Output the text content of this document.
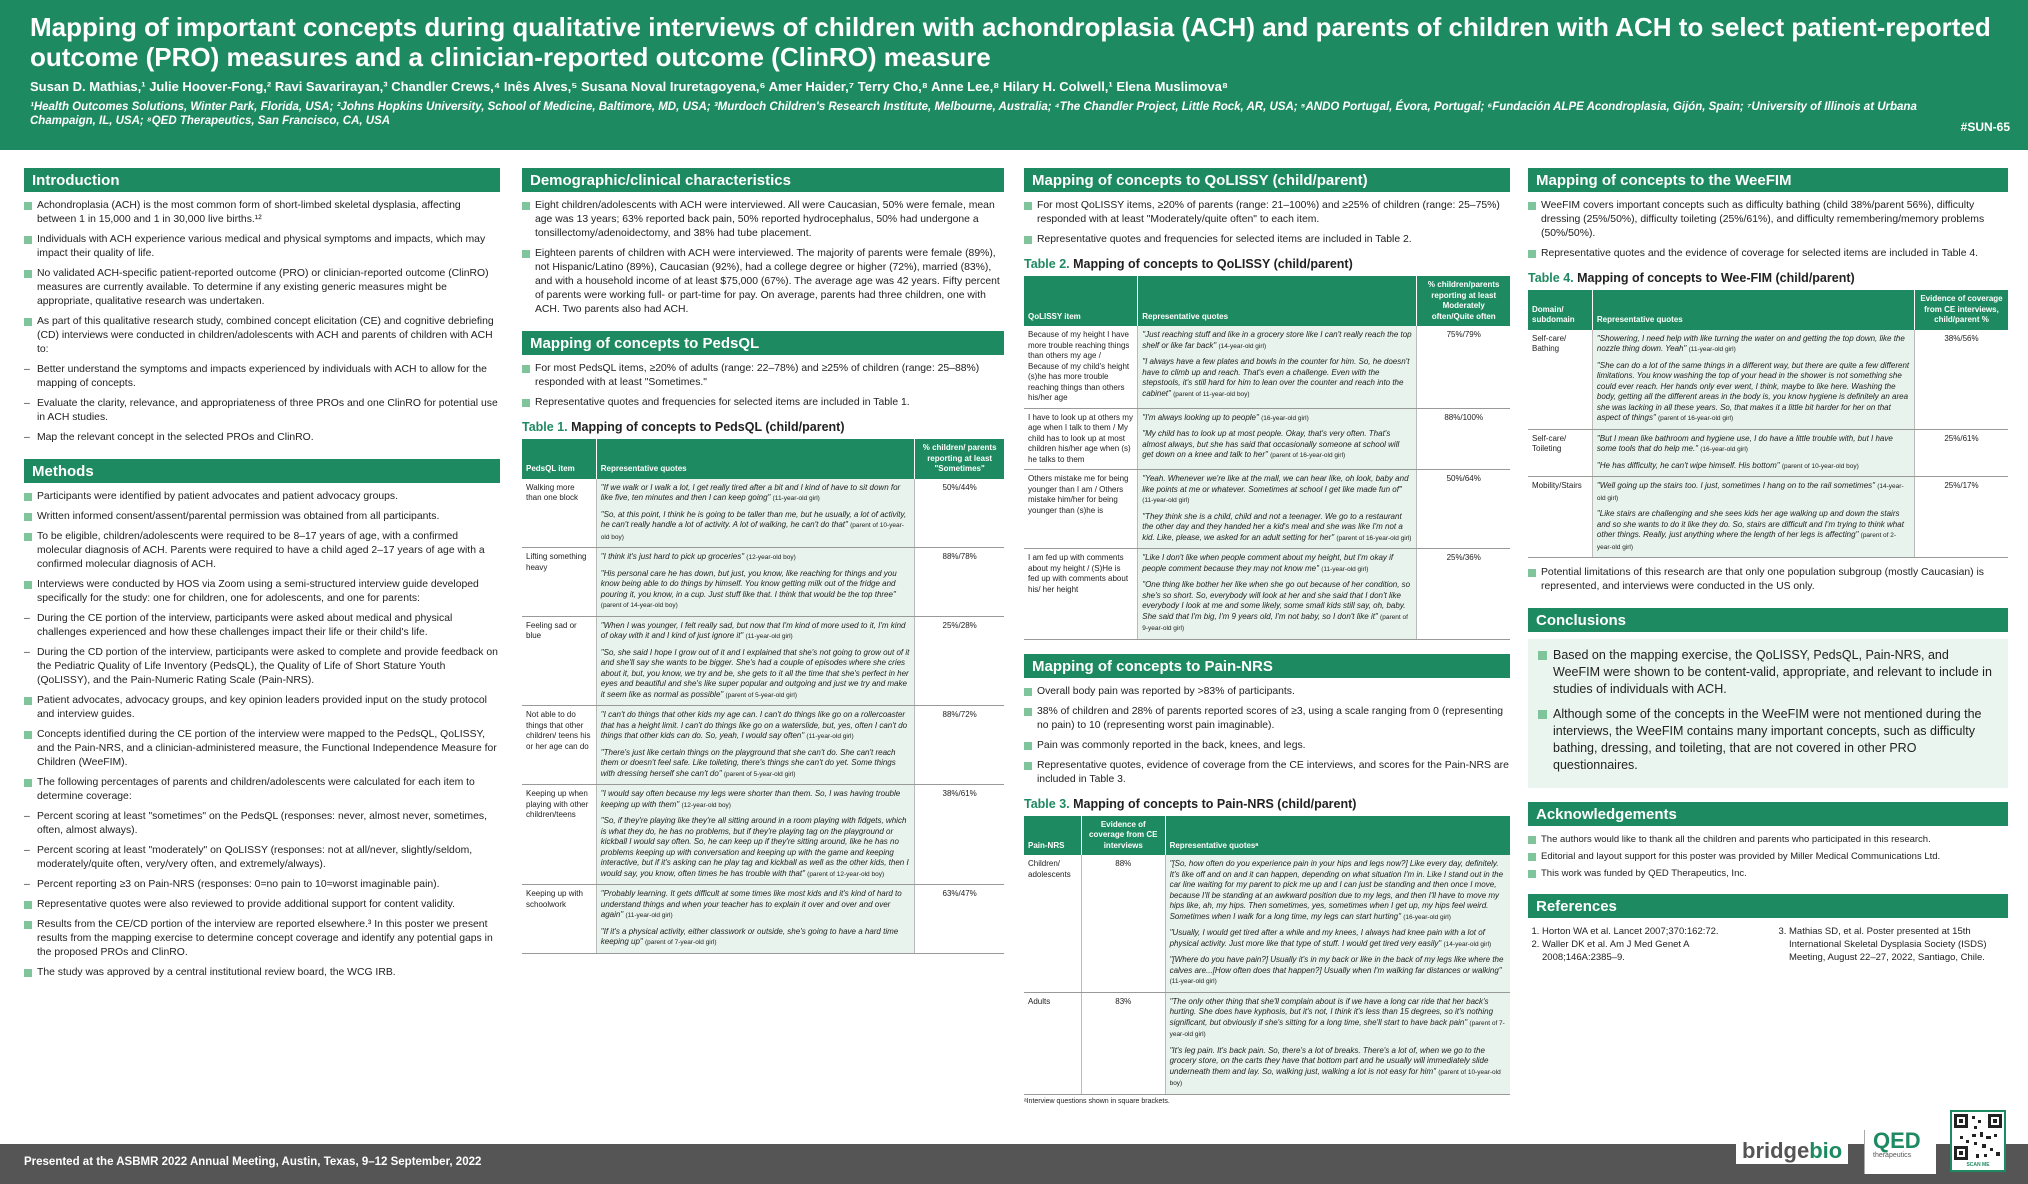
Mapping of important concepts during qualitative interviews of children with achondroplasia (ACH) and parents of children with ACH to select patient-reported outcome (PRO) measures and a clinician-reported outcome (ClinRO) measure
Susan D. Mathias,¹ Julie Hoover-Fong,² Ravi Savarirayan,³ Chandler Crews,⁴ Inês Alves,⁵ Susana Noval Iruretagoyena,⁶ Amer Haider,⁷ Terry Cho,⁸ Anne Lee,⁸ Hilary H. Colwell,¹ Elena Muslimova⁸
¹Health Outcomes Solutions, Winter Park, Florida, USA; ²Johns Hopkins University, School of Medicine, Baltimore, MD, USA; ³Murdoch Children's Research Institute, Melbourne, Australia; ⁴The Chandler Project, Little Rock, AR, USA; ⁵ANDO Portugal, Évora, Portugal; ⁶Fundación ALPE Acondroplasia, Gijón, Spain; ⁷University of Illinois at Urbana Champaign, IL, USA; ⁸QED Therapeutics, San Francisco, CA, USA	#SUN-65
Introduction
Achondroplasia (ACH) is the most common form of short-limbed skeletal dysplasia, affecting between 1 in 15,000 and 1 in 30,000 live births.¹²
Individuals with ACH experience various medical and physical symptoms and impacts, which may impact their quality of life.
No validated ACH-specific patient-reported outcome (PRO) or clinician-reported outcome (ClinRO) measures are currently available. To determine if any existing generic measures might be appropriate, qualitative research was undertaken.
As part of this qualitative research study, combined concept elicitation (CE) and cognitive debriefing (CD) interviews were conducted in children/adolescents with ACH and parents of children with ACH to:
– Better understand the symptoms and impacts experienced by individuals with ACH to allow for the mapping of concepts.
– Evaluate the clarity, relevance, and appropriateness of three PROs and one ClinRO for potential use in ACH studies.
– Map the relevant concept in the selected PROs and ClinRO.
Methods
Participants were identified by patient advocates and patient advocacy groups.
Written informed consent/assent/parental permission was obtained from all participants.
To be eligible, children/adolescents were required to be 8–17 years of age, with a confirmed molecular diagnosis of ACH. Parents were required to have a child aged 2–17 years of age with a confirmed molecular diagnosis of ACH.
Interviews were conducted by HOS via Zoom using a semi-structured interview guide developed specifically for the study: one for children, one for adolescents, and one for parents:
– During the CE portion of the interview, participants were asked about medical and physical challenges experienced and how these challenges impact their life or their child's life.
– During the CD portion of the interview, participants were asked to complete and provide feedback on the Pediatric Quality of Life Inventory (PedsQL), the Quality of Life of Short Stature Youth (QoLISSY), and the Pain-Numeric Rating Scale (Pain-NRS).
Patient advocates, advocacy groups, and key opinion leaders provided input on the study protocol and interview guides.
Concepts identified during the CE portion of the interview were mapped to the PedsQL, QoLISSY, and the Pain-NRS, and a clinician-administered measure, the Functional Independence Measure for Children (WeeFIM).
The following percentages of parents and children/adolescents were calculated for each item to determine coverage:
– Percent scoring at least "sometimes" on the PedsQL (responses: never, almost never, sometimes, often, almost always).
– Percent scoring at least "moderately" on QoLISSY (responses: not at all/never, slightly/seldom, moderately/quite often, very/very often, and extremely/always).
– Percent reporting ≥3 on Pain-NRS (responses: 0=no pain to 10=worst imaginable pain).
Representative quotes were also reviewed to provide additional support for content validity.
Results from the CE/CD portion of the interview are reported elsewhere.³ In this poster we present results from the mapping exercise to determine concept coverage and identify any potential gaps in the proposed PROs and ClinRO.
The study was approved by a central institutional review board, the WCG IRB.
Demographic/clinical characteristics
Eight children/adolescents with ACH were interviewed. All were Caucasian, 50% were female, mean age was 13 years; 63% reported back pain, 50% reported hydrocephalus, 50% had undergone a tonsillectomy/adenoidectomy, and 38% had tube placement.
Eighteen parents of children with ACH were interviewed. The majority of parents were female (89%), not Hispanic/Latino (89%), Caucasian (92%), had a college degree or higher (72%), married (83%), and with a household income of at least $75,000 (67%). The average age was 42 years. Fifty percent of parents were working full- or part-time for pay. On average, parents had three children, one with ACH. Two parents also had ACH.
Mapping of concepts to PedsQL
For most PedsQL items, ≥20% of adults (range: 22–78%) and ≥25% of children (range: 25–88%) responded with at least "Sometimes."
Representative quotes and frequencies for selected items are included in Table 1.
Table 1. Mapping of concepts to PedsQL (child/parent)
PedsQL item	Representative quotes	% children/ parents reporting at least "Sometimes"
Walking more than one block	"If we walk or I walk a lot, I get really tired after a bit and I kind of have to sit down for like five, ten minutes and then I can keep going" (11-year-old girl)

"So, at this point, I think he is going to be taller than me, but he usually, a lot of activity, he can't really handle a lot of activity. A lot of walking, he can't do that" (parent of 10-year-old boy)	50%/44%
Lifting something heavy	"I think it's just hard to pick up groceries" (12-year-old boy)

"His personal care he has down, but just, you know, like reaching for things and you know being able to do things by himself. You know getting milk out of the fridge and pouring it, you know, in a cup. Just stuff like that. I think that would be the top three" (parent of 14-year-old boy)	88%/78%
Feeling sad or blue	"When I was younger, I felt really sad, but now that I'm kind of more used to it, I'm kind of okay with it and I kind of just ignore it" (11-year-old girl)

"So, she said I hope I grow out of it and I explained that she's not going to grow out of it and she'll say she wants to be bigger. She's had a couple of episodes where she cries about it, but, you know, we try and be, she gets to it all the time that she's perfect in her eyes and beautiful and she's like super popular and outgoing and just we try and make it seem like as normal as possible" (parent of 5-year-old girl)	25%/28%
Not able to do things that other children/ teens his or her age can do	"I can't do things that other kids my age can. I can't do things like go on a rollercoaster that has a height limit. I can't do things like go on a waterslide, but, yes, often I can't do things that other kids can do. So, yeah, I would say often" (11-year-old girl)

"There's just like certain things on the playground that she can't do. She can't reach them or doesn't feel safe. Like toileting, there's things she can't do yet. Some things with dressing herself she can't do" (parent of 5-year-old girl)	88%/72%
Keeping up when playing with other children/teens	"I would say often because my legs were shorter than them. So, I was having trouble keeping up with them" (12-year-old boy)

"So, if they're playing like they're all sitting around in a room playing with fidgets, which is what they do, he has no problems, but if they're playing tag on the playground or kickball I would say often. So, he can keep up if they're sitting around, like he has no problems keeping up with conversation and keeping up with the game and keeping interactive, but if it's asking can he play tag and kickball as well as the other kids, then I would say, you know, often times he has trouble with that" (parent of 12-year-old boy)	38%/61%
Keeping up with schoolwork	"Probably learning. It gets difficult at some times like most kids and it's kind of hard to understand things and when your teacher has to explain it over and over and over again" (11-year-old girl)

"If it's a physical activity, either classwork or outside, she's going to have a hard time keeping up" (parent of 7-year-old girl)	63%/47%
Mapping of concepts to QoLISSY (child/parent)
For most QoLISSY items, ≥20% of parents (range: 21–100%) and ≥25% of children (range: 25–75%) responded with at least "Moderately/quite often" to each item.
Representative quotes and frequencies for selected items are included in Table 2.
Table 2. Mapping of concepts to QoLISSY (child/parent)
QoLISSY item	Representative quotes	% children/parents reporting at least Moderately often/Quite often
Because of my height I have more trouble reaching things than others my age / Because of my child's height (s)he has more trouble reaching things than others his/her age	"Just reaching stuff and like in a grocery store like I can't really reach the top shelf or like far back" (14-year-old girl)

"I always have a few plates and bowls in the counter for him. So, he doesn't have to climb up and reach. That's even a challenge. Even with the stepstools, it's still hard for him to lean over the counter and reach into the cabinet" (parent of 11-year-old boy)	75%/79%
I have to look up at others my age when I talk to them / My child has to look up at most children his/her age when (s) he talks to them	"I'm always looking up to people" (16-year-old girl)

"My child has to look up at most people. Okay, that's very often. That's almost always, but she has said that occasionally someone at school will get down on a knee and talk to her" (parent of 16-year-old girl)	88%/100%
Others mistake me for being younger than I am / Others mistake him/her for being younger than (s)he is	"Yeah. Whenever we're like at the mall, we can hear like, oh look, baby and like points at me or whatever. Sometimes at school I get like made fun of" (11-year-old girl)

"They think she is a child, child and not a teenager. We go to a restaurant the other day and they handed her a kid's meal and she was like I'm not a kid. Like, please, we asked for an adult setting for her" (parent of 16-year-old girl)	50%/64%
I am fed up with comments about my height / (S)He is fed up with comments about his/ her height	"Like I don't like when people comment about my height, but I'm okay if people comment because they may not know me" (11-year-old girl)

"One thing like bother her like when she go out because of her condition, so she's so short. So, everybody will look at her and she said that I don't like everybody I look at me and some likely, some small kids still say, oh, baby. She said that I'm big, I'm 9 years old, I'm not baby, so I don't like it" (parent of 9-year-old girl)	25%/36%
Mapping of concepts to Pain-NRS
Overall body pain was reported by >83% of participants.
38% of children and 28% of parents reported scores of ≥3, using a scale ranging from 0 (representing no pain) to 10 (representing worst pain imaginable).
Pain was commonly reported in the back, knees, and legs.
Representative quotes, evidence of coverage from the CE interviews, and scores for the Pain-NRS are included in Table 3.
Table 3. Mapping of concepts to Pain-NRS (child/parent)
Pain-NRS	Evidence of coverage from CE interviews	Representative quotesᵃ
Children/ adolescents	88%	"[So, how often do you experience pain in your hips and legs now?] Like every day, definitely. It's like off and on and it can happen, depending on what situation I'm in. Like I stand out in the car line waiting for my parent to pick me up and I can just be standing and then once I move, because I'll be standing at an awkward position due to my legs, and then I'll have to move my hips like, ah, my hips. Then sometimes, yes, sometimes when I get up, my hips feel weird. Sometimes when I walk for a long time, my legs can start hurting" (16-year-old girl)

"Usually, I would get tired after a while and my knees, I always had knee pain with a lot of physical activity. Just more like that type of stuff. I would get tired very easily" (14-year-old girl)

"[Where do you have pain?] Usually it's in my back or like in the back of my legs like where the calves are...[How often does that happen?] Usually when I'm walking far distances or walking" (11-year-old girl)

Adults	83%	"The only other thing that she'll complain about is if we have a long car ride that her back's hurting. She does have kyphosis, but it's not, I think it's less than 15 degrees, so it's nothing significant, but obviously if she's sitting for a long time, she'll start to have back pain" (parent of 7-year-old girl)

"It's leg pain. It's back pain. So, there's a lot of breaks. There's a lot of, when we go to the grocery store, on the carts they have that bottom part and he usually will immediately slide underneath them and lay. So, walking just, walking a lot is not easy for him" (parent of 10-year-old boy)

ᵃInterview questions shown in square brackets.
Mapping of concepts to the WeeFIM
WeeFIM covers important concepts such as difficulty bathing (child 38%/parent 56%), difficulty dressing (25%/50%), difficulty toileting (25%/61%), and difficulty remembering/memory problems (50%/50%).
Representative quotes and the evidence of coverage for selected items are included in Table 4.
Table 4. Mapping of concepts to Wee-FIM (child/parent)
Domain/ subdomain	Representative quotes	Evidence of coverage from CE interviews, child/parent %
Self-care/ Bathing	"Showering, I need help with like turning the water on and getting the top down, like the nozzle thing down. Yeah" (11-year-old girl)

"She can do a lot of the same things in a different way, but there are quite a few different limitations. You know washing the top of your head in the shower is not something she could ever reach. Her hands only ever went, I think, maybe to like here. Washing the body, getting all the different areas in the body is, you know hygiene is definitely an area she was lacking in all these years. So, that makes it a little bit harder for her on that aspect of things" (parent of 16-year-old girl)	38%/56%
Self-care/ Toileting	"But I mean like bathroom and hygiene use, I do have a little trouble with, but I have some tools that do help me." (16-year-old girl)

"He has difficulty, he can't wipe himself. His bottom" (parent of 10-year-old boy)	25%/61%
Mobility/Stairs	"Well going up the stairs too. I just, sometimes I hang on to the rail sometimes" (14-year-old girl)

"Like stairs are challenging and she sees kids her age walking up and down the stairs and so she wants to do it like they do. So, stairs are difficult and I'm trying to think what other things. Really, just anything where the length of her legs is affecting" (parent of 2-year-old girl)	25%/17%
Potential limitations of this research are that only one population subgroup (mostly Caucasian) is represented, and interviews were conducted in the US only.
Conclusions
Based on the mapping exercise, the QoLISSY, PedsQL, Pain-NRS, and WeeFIM were shown to be content-valid, appropriate, and relevant to include in studies of individuals with ACH.
Although some of the concepts in the WeeFIM were not mentioned during the interviews, the WeeFIM contains many important concepts, such as difficulty bathing, dressing, and toileting, that are not covered in other PRO questionnaires.
Acknowledgements
The authors would like to thank all the children and parents who participated in this research.
Editorial and layout support for this poster was provided by Miller Medical Communications Ltd.
This work was funded by QED Therapeutics, Inc.
References
1. Horton WA et al. Lancet 2007;370:162:72.
2. Waller DK et al. Am J Med Genet A 2008;146A:2385–9.
3. Mathias SD, et al. Poster presented at 15th International Skeletal Dysplasia Society (ISDS) Meeting, August 22–27, 2022, Santiago, Chile.
Presented at the ASBMR 2022 Annual Meeting, Austin, Texas, 9–12 September, 2022	bridgebio QED
therapeutics
SCAN ME
